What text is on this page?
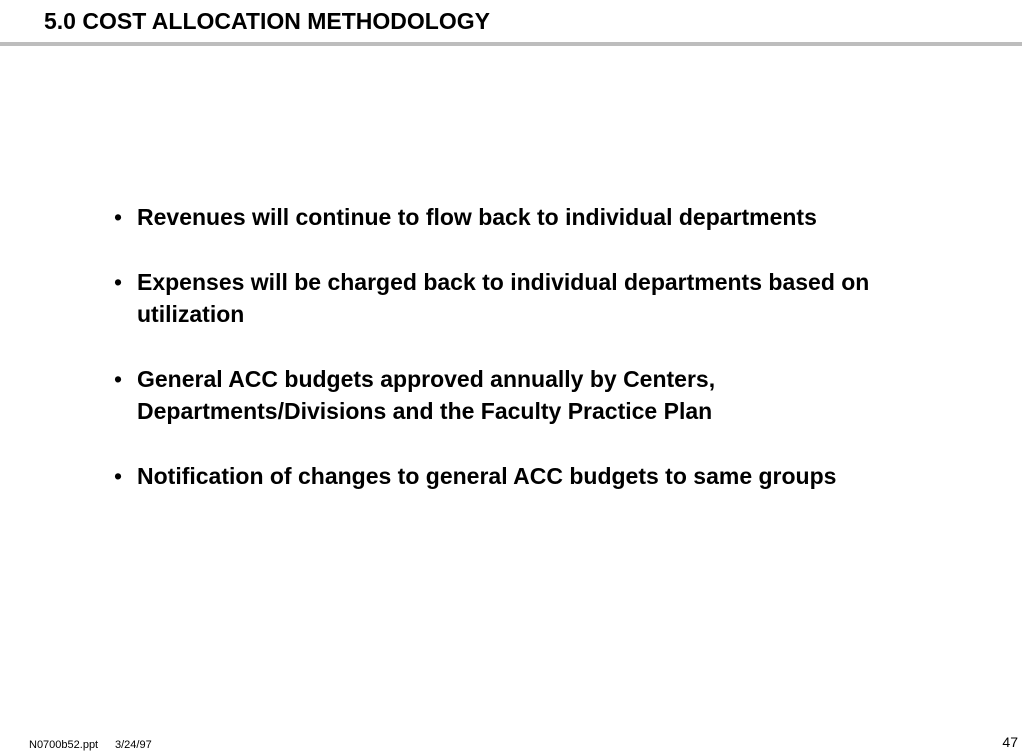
5.0 COST ALLOCATION METHODOLOGY
• Revenues will continue to flow back to individual departments
• Expenses will be charged back to individual departments based on utilization
• General ACC budgets approved annually by Centers, Departments/Divisions and the Faculty Practice Plan
• Notification of changes to general ACC budgets to same groups
N0700b52.ppt 3/24/97	47
